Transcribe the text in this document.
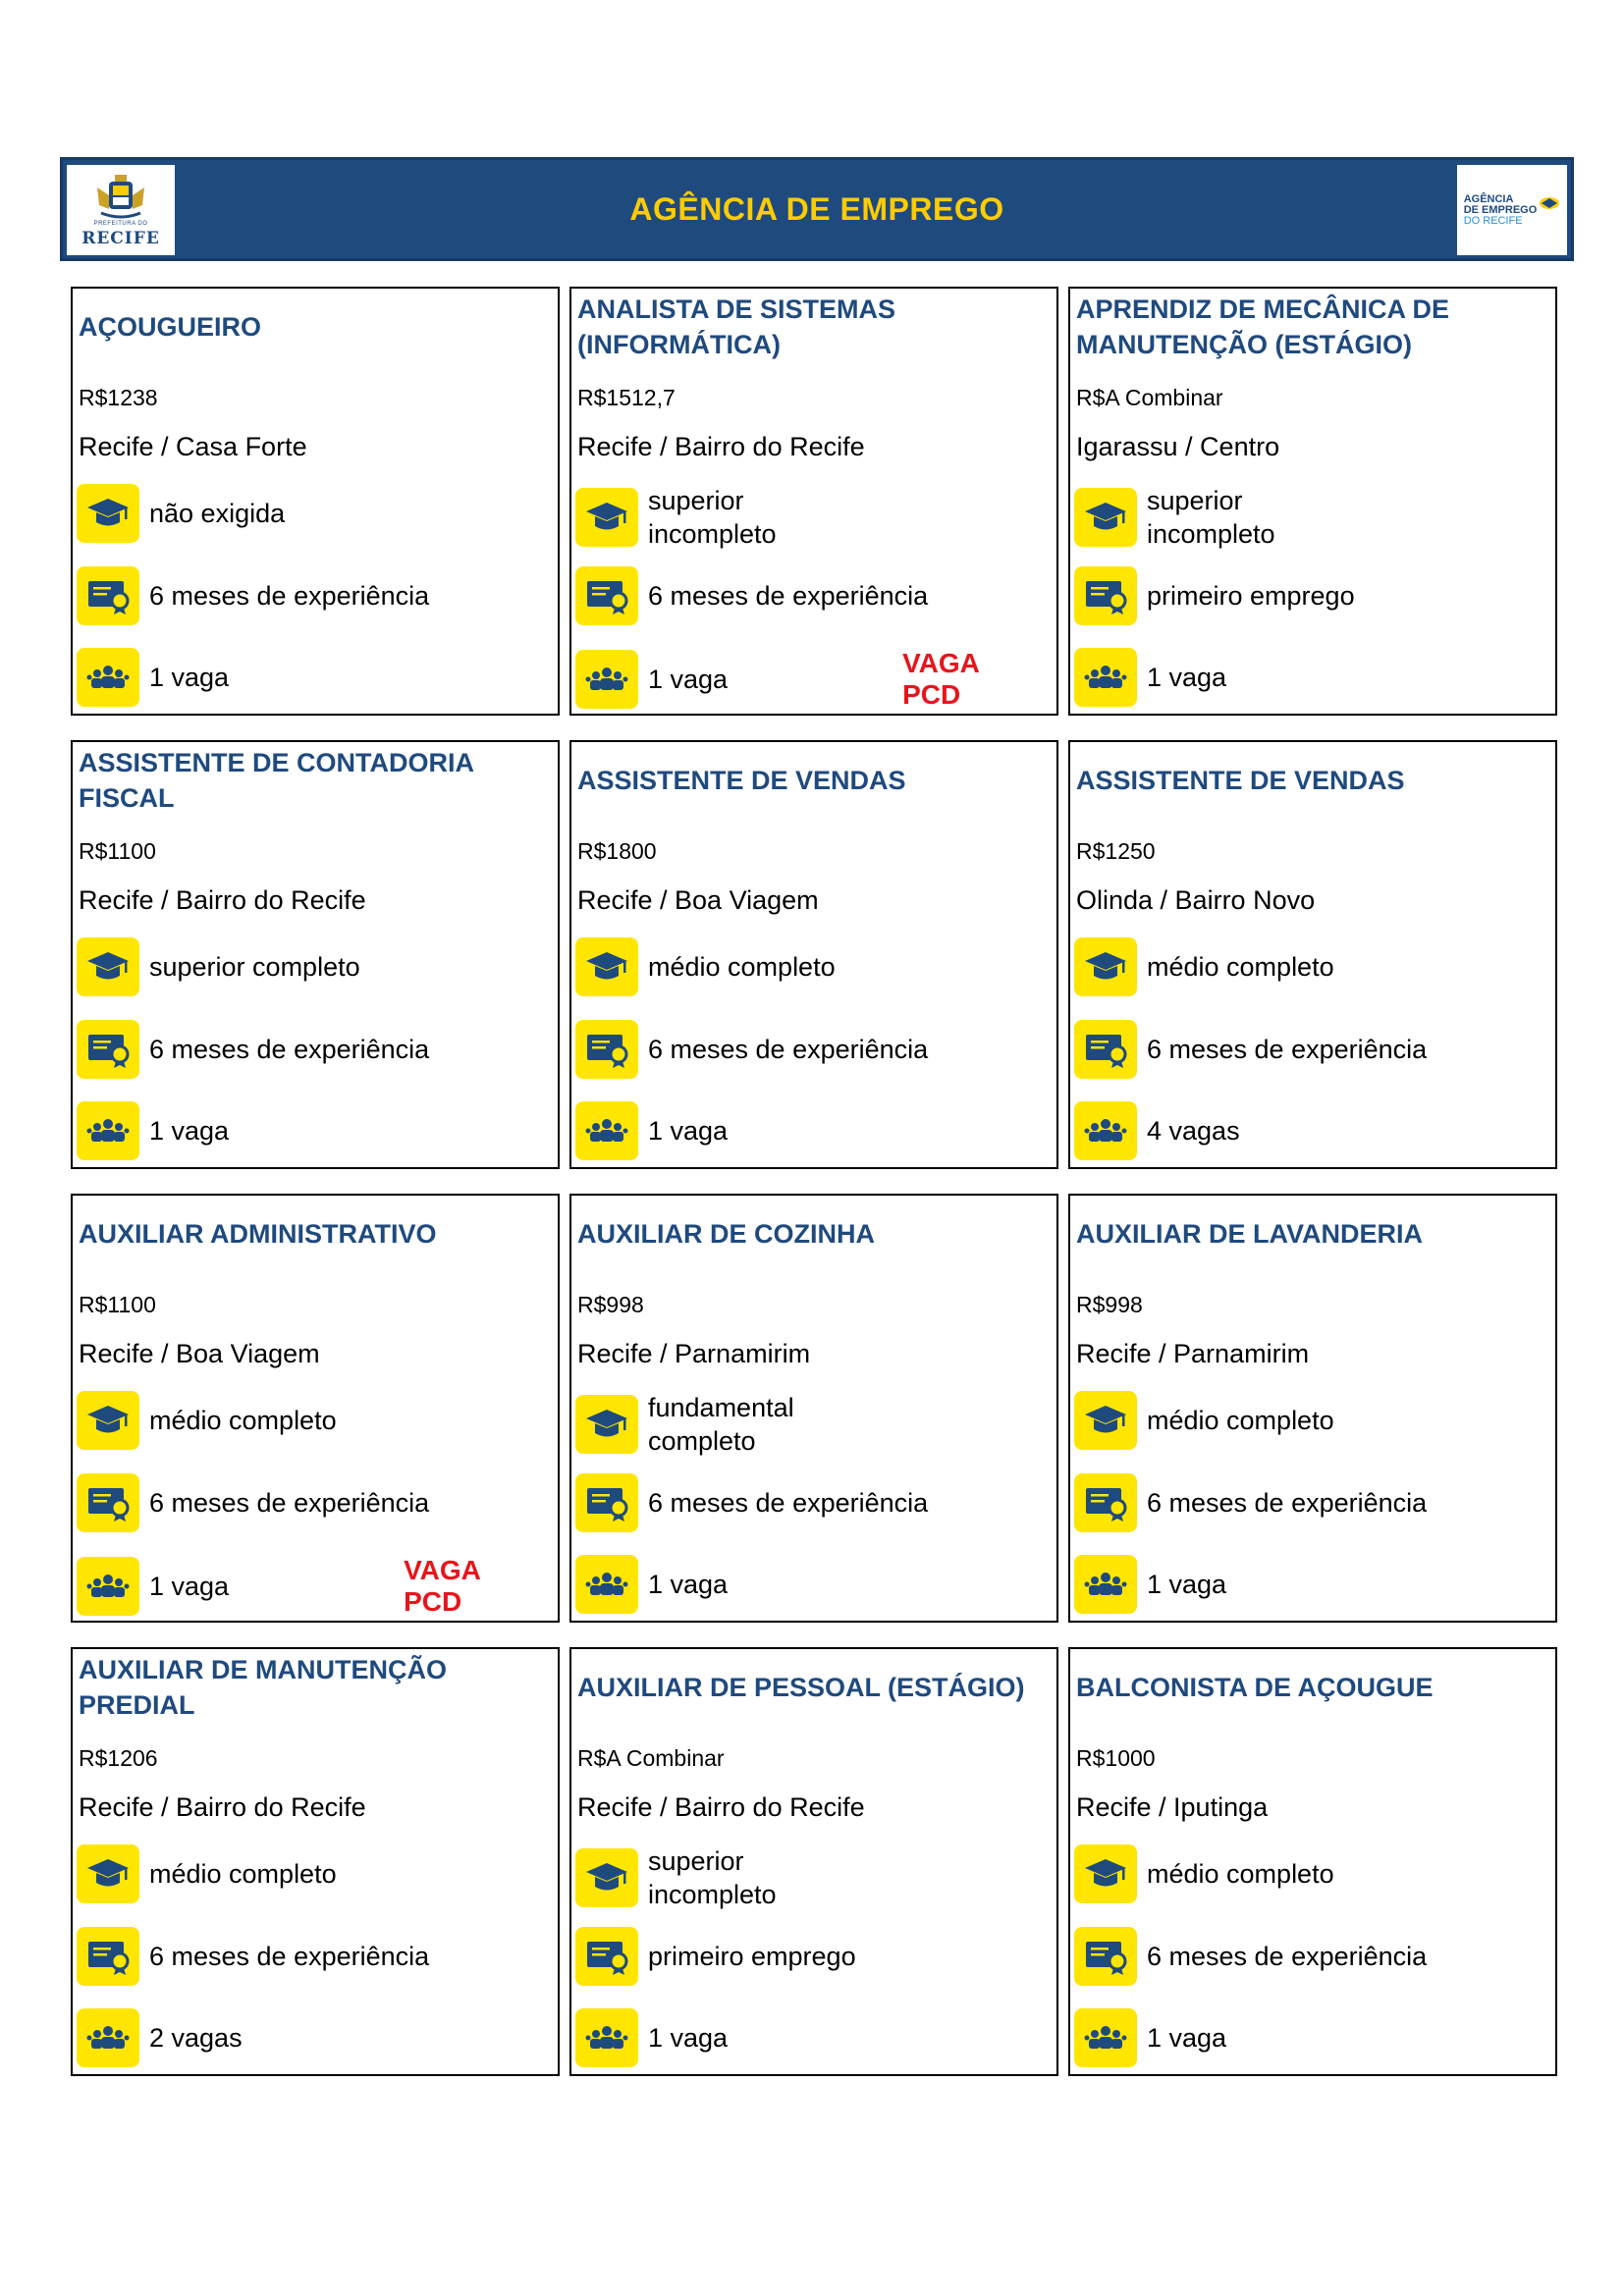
PREFEITURA DO
RECIFE
AGÊNCIA DE EMPREGO	AGÊNCIA
DE EMPREGO
DO RECIFE
AÇOUGUEIRO
R$1238
Recife / Casa Forte
não exigida
6 meses de experiência
1 vaga
ANALISTA DE SISTEMAS (INFORMÁTICA)
R$1512,7
Recife / Bairro do Recife
superior incompleto
6 meses de experiência
1 vaga
VAGA PCD
APRENDIZ DE MECÂNICA DE MANUTENÇÃO (ESTÁGIO)
R$A Combinar
Igarassu / Centro
superior incompleto
primeiro emprego
1 vaga
ASSISTENTE DE CONTADORIA FISCAL
R$1100
Recife / Bairro do Recife
superior completo
6 meses de experiência
1 vaga
ASSISTENTE DE VENDAS
R$1800
Recife / Boa Viagem
médio completo
6 meses de experiência
1 vaga
ASSISTENTE DE VENDAS
R$1250
Olinda / Bairro Novo
médio completo
6 meses de experiência
4 vagas
AUXILIAR ADMINISTRATIVO
R$1100
Recife / Boa Viagem
médio completo
6 meses de experiência
1 vaga
VAGA PCD
AUXILIAR DE COZINHA
R$998
Recife / Parnamirim
fundamental completo
6 meses de experiência
1 vaga
AUXILIAR DE LAVANDERIA
R$998
Recife / Parnamirim
médio completo
6 meses de experiência
1 vaga
AUXILIAR DE MANUTENÇÃO PREDIAL
R$1206
Recife / Bairro do Recife
médio completo
6 meses de experiência
2 vagas
AUXILIAR DE PESSOAL (ESTÁGIO)
R$A Combinar
Recife / Bairro do Recife
superior incompleto
primeiro emprego
1 vaga
BALCONISTA DE AÇOUGUE
R$1000
Recife / Iputinga
médio completo
6 meses de experiência
1 vaga
